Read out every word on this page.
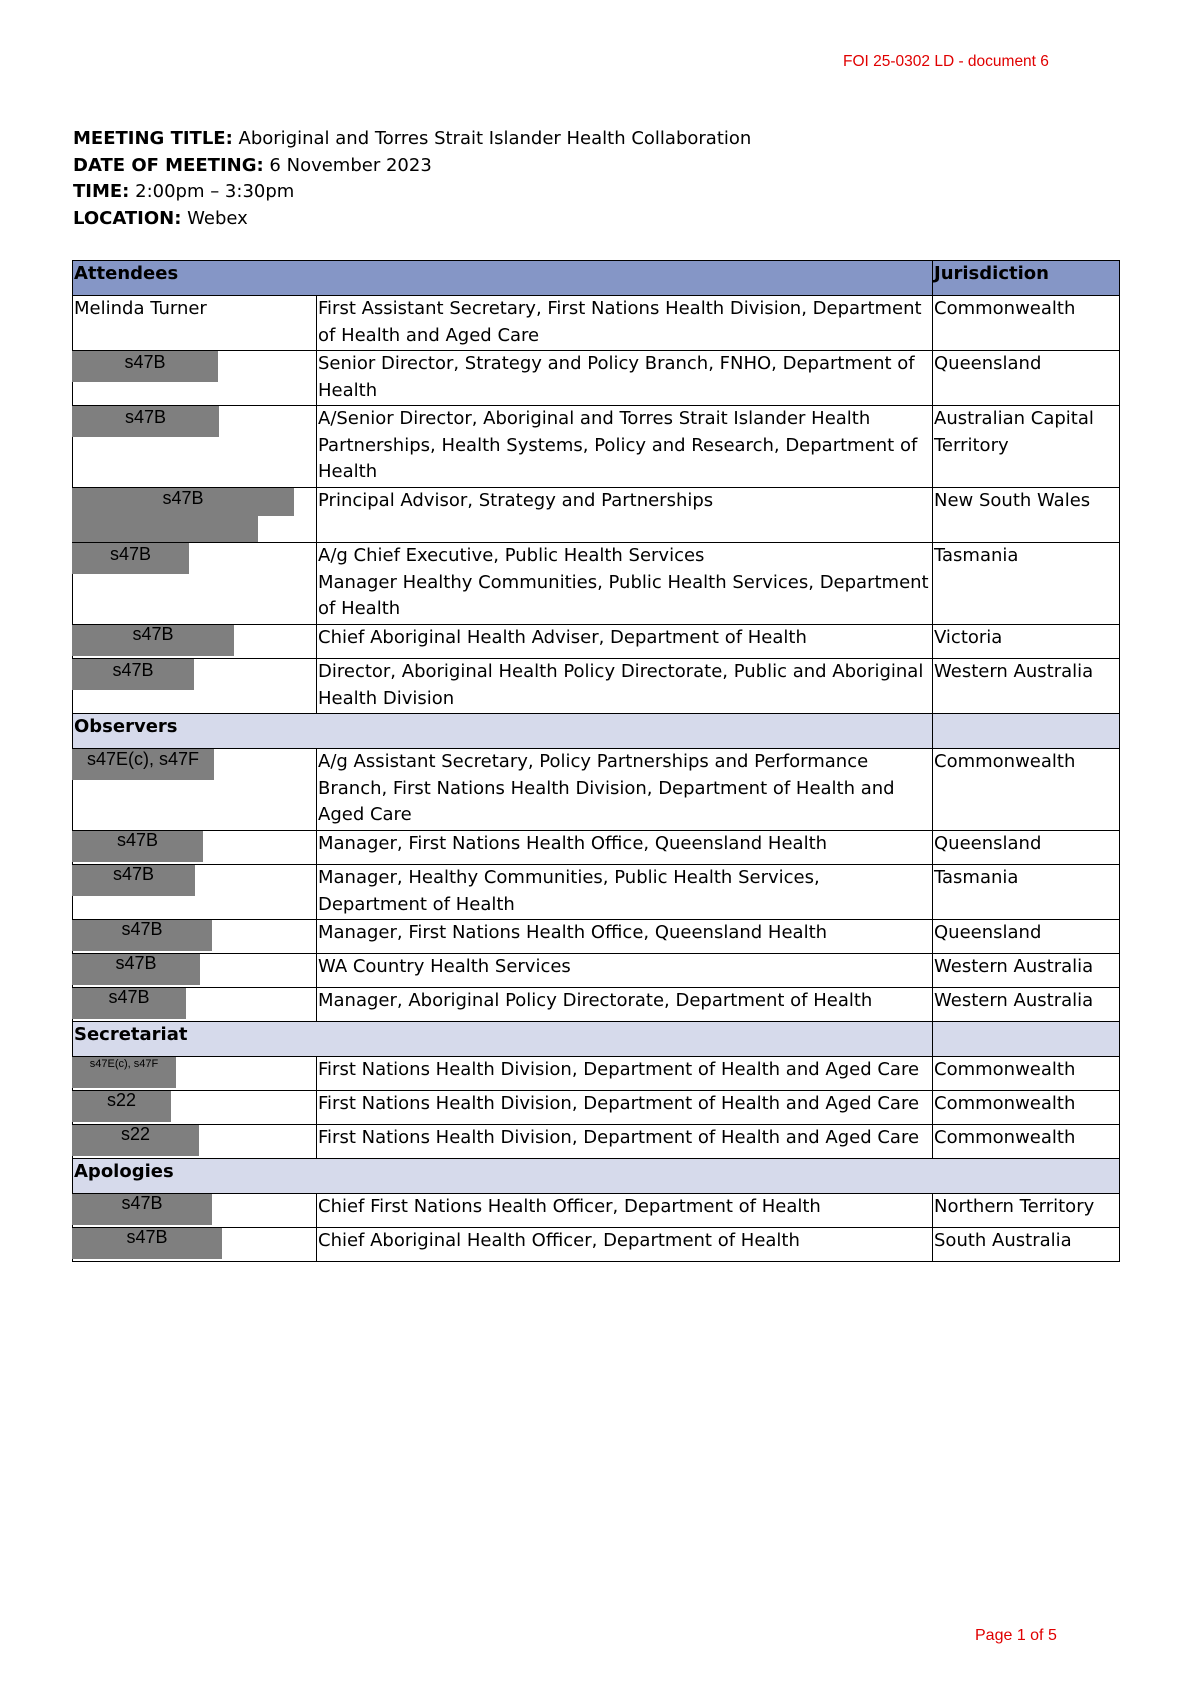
FOI 25-0302 LD - document 6
MEETING TITLE: Aboriginal and Torres Strait Islander Health Collaboration
DATE OF MEETING: 6 November 2023
TIME: 2:00pm – 3:30pm
LOCATION: Webex
Attendees		Jurisdiction
Melinda Turner	First Assistant Secretary, First Nations Health Division, Department of Health and Aged Care	Commonwealth

s47B	Senior Director, Strategy and Policy Branch, FNHO, Department of Health	Queensland

s47B	A/Senior Director, Aboriginal and Torres Strait Islander Health Partnerships, Health Systems, Policy and Research, Department of Health	Australian Capital Territory

s47B	Principal Advisor, Strategy and Partnerships	New South Wales

s47B	A/g Chief Executive, Public Health Services
Manager Healthy Communities, Public Health Services, Department of Health	Tasmania

s47B	Chief Aboriginal Health Adviser, Department of Health	Victoria

s47B	Director, Aboriginal Health Policy Directorate, Public and Aboriginal Health Division	Western Australia
Observers		

s47E(c), s47F	A/g Assistant Secretary, Policy Partnerships and Performance Branch, First Nations Health Division, Department of Health and Aged Care	Commonwealth

s47B	Manager, First Nations Health Office, Queensland Health	Queensland

s47B	Manager, Healthy Communities, Public Health Services, Department of Health	Tasmania

s47B	Manager, First Nations Health Office, Queensland Health	Queensland

s47B	WA Country Health Services	Western Australia

s47B	Manager, Aboriginal Policy Directorate, Department of Health	Western Australia
Secretariat		

s47E(c), s47F	First Nations Health Division, Department of Health and Aged Care	Commonwealth

s22	First Nations Health Division, Department of Health and Aged Care	Commonwealth

s22	First Nations Health Division, Department of Health and Aged Care	Commonwealth
Apologies		

s47B	Chief First Nations Health Officer, Department of Health	Northern Territory

s47B	Chief Aboriginal Health Officer, Department of Health	South Australia
Page 1 of 5
